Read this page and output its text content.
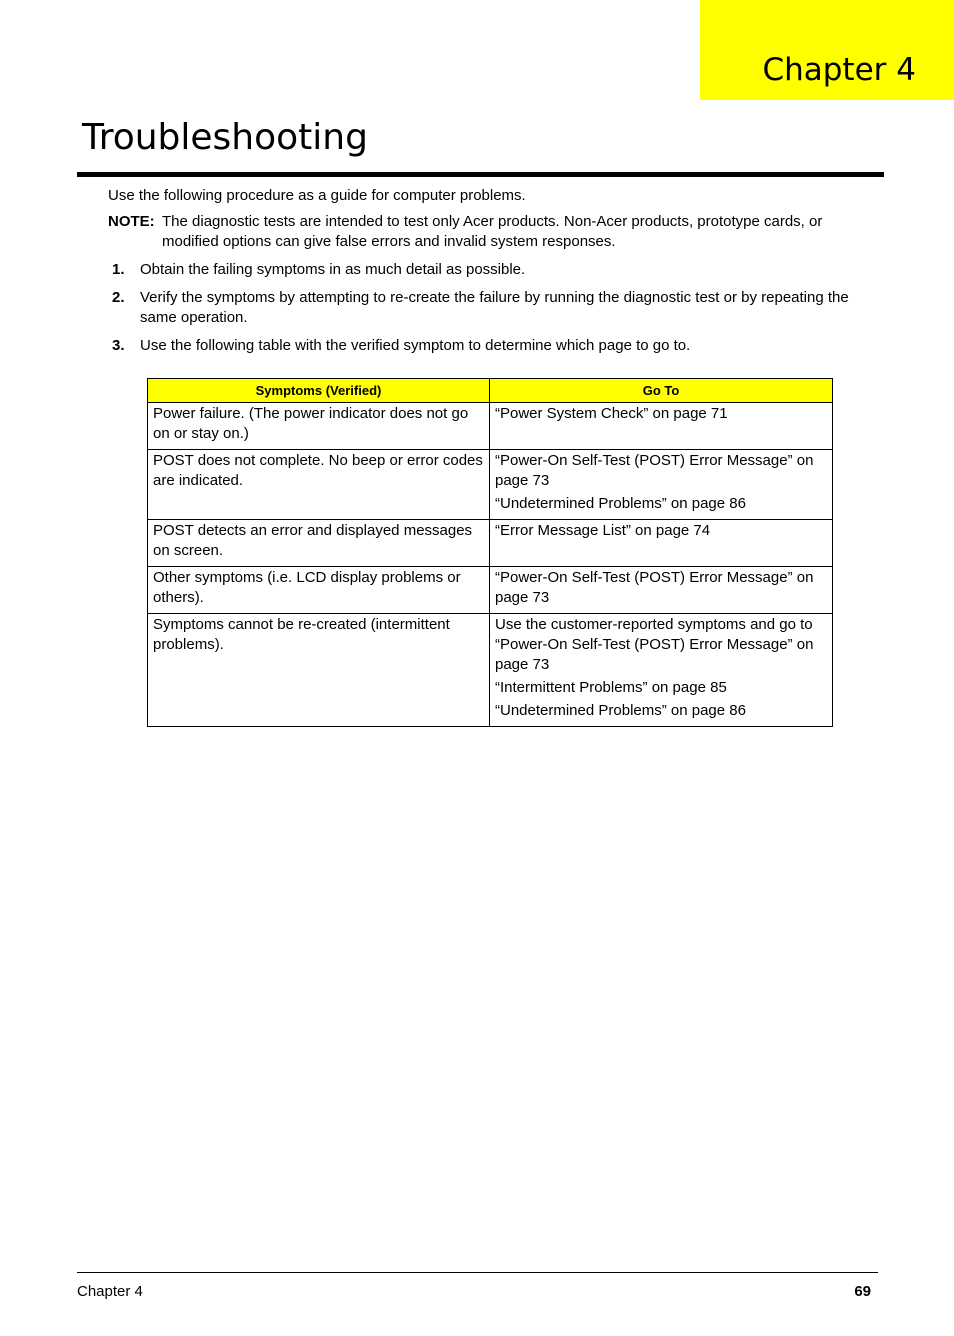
Chapter 4
Troubleshooting
Use the following procedure as a guide for computer problems.
NOTE: The diagnostic tests are intended to test only Acer products. Non-Acer products, prototype cards, or modified options can give false errors and invalid system responses.
1. Obtain the failing symptoms in as much detail as possible.
2. Verify the symptoms by attempting to re-create the failure by running the diagnostic test or by repeating the same operation.
3. Use the following table with the verified symptom to determine which page to go to.
Symptoms (Verified)	Go To
Power failure. (The power indicator does not go on or stay on.)	“Power System Check” on page 71

POST does not complete. No beep or error codes are indicated.	“Power-On Self-Test (POST) Error Message” on page 73
“Undetermined Problems” on page 86

POST detects an error and displayed messages on screen.	“Error Message List” on page 74

Other symptoms (i.e. LCD display problems or others).	“Power-On Self-Test (POST) Error Message” on page 73

Symptoms cannot be re-created (intermittent problems).	Use the customer-reported symptoms and go to “Power-On Self-Test (POST) Error Message” on page 73
“Intermittent Problems” on page 85
“Undetermined Problems” on page 86
Chapter 4	69
